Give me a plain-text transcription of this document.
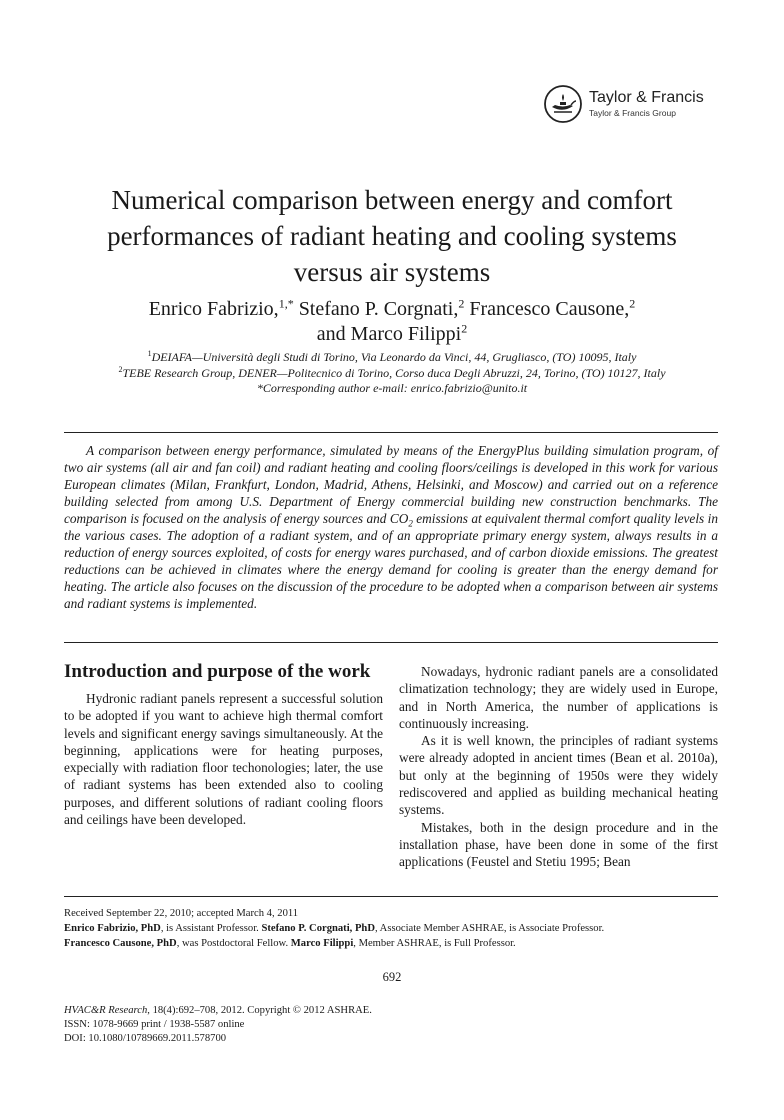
Taylor & Francis
Taylor & Francis Group
Numerical comparison between energy and comfort performances of radiant heating and cooling systems versus air systems
Enrico Fabrizio,$^{1,*}$ Stefano P. Corgnati,$^2$ Francesco Causone,$^2$
and Marco Filippi$^2$
$^1$DEIAFA—Università degli Studi di Torino, Via Leonardo da Vinci, 44, Grugliasco, (TO) 10095, Italy
$^2$TEBE Research Group, DENER—Politecnico di Torino, Corso duca Degli Abruzzi, 24, Torino, (TO) 10127, Italy
*Corresponding author e-mail: enrico.fabrizio@unito.it

A comparison between energy performance, simulated by means of the EnergyPlus building simulation program, of two air systems (all air and fan coil) and radiant heating and cooling floors/ceilings is developed in this work for various European climates (Milan, Frankfurt, London, Madrid, Athens, Helsinki, and Moscow) and carried out on a reference building selected from among U.S. Department of Energy commercial building new construction benchmarks. The comparison is focused on the analysis of energy sources and $CO_2$ emissions at equivalent thermal comfort quality levels in the various cases. The adoption of a radiant system, and of an appropriate primary energy system, always results in a reduction of energy sources exploited, of costs for energy wares purchased, and of carbon dioxide emissions. The greatest reductions can be achieved in climates where the energy demand for cooling is greater than the energy demand for heating. The article also focuses on the discussion of the procedure to be adopted when a comparison between air systems and radiant systems is implemented.

Introduction and purpose of the work

Hydronic radiant panels represent a successful solution to be adopted if you want to achieve high thermal comfort levels and significant energy savings simultaneously. At the beginning, applications were for heating purposes, expecially with radiation floor techonologies; later, the use of radiant systems has been extended also to cooling purposes, and different solutions of radiant cooling floors and ceilings have been developed.

Nowadays, hydronic radiant panels are a consolidated climatization technology; they are widely used in Europe, and in North America, the number of applications is continuously increasing.

As it is well known, the principles of radiant systems were already adopted in ancient times (Bean et al. 2010a), but only at the beginning of 1950s were they widely rediscovered and applied as building mechanical heating systems.

Mistakes, both in the design procedure and in the installation phase, have been done in some of the first applications (Feustel and Stetiu 1995; Bean

Received September 22, 2010; accepted March 4, 2011
Enrico Fabrizio, PhD, is Assistant Professor. Stefano P. Corgnati, PhD, Associate Member ASHRAE, is Associate Professor.
Francesco Causone, PhD, was Postdoctoral Fellow. Marco Filippi, Member ASHRAE, is Full Professor.
692
HVAC&R Research, 18(4):692–708, 2012. Copyright © 2012 ASHRAE.
ISSN: 1078-9669 print / 1938-5587 online
DOI: 10.1080/10789669.2011.578700
